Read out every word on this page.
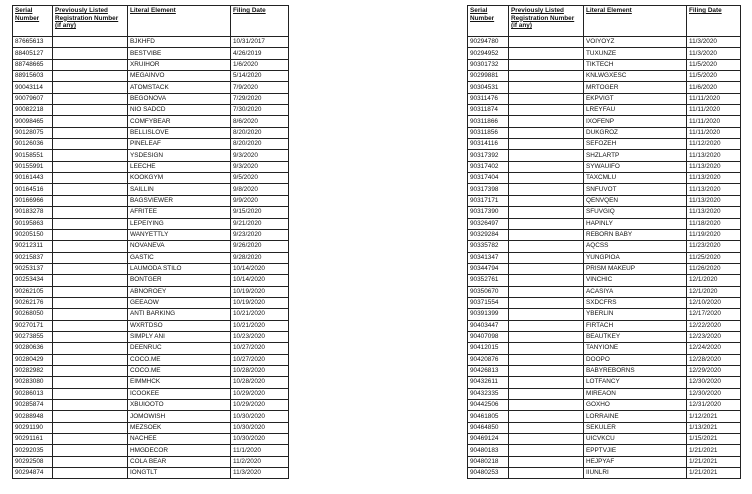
Serial Number	Previously Listed Registration Number (if any)	Literal Element	Filing Date
87665613		BJKHFD	10/31/2017
88405127		BESTVIBE	4/26/2019
88748665		XRUIHOR	1/6/2020
88915603		MEGAINVO	5/14/2020
90043114		ATOMSTACK	7/9/2020
90079607		BEGONOVA	7/29/2020
90082218		NIO SADCD	7/30/2020
90098465		COMFYBEAR	8/6/2020
90128075		BELLISLOVE	8/20/2020
90126036		PINELEAF	8/20/2020
90158551		YSDESIGN	9/3/2020
90155991		LEECHE	9/3/2020
90161443		KOOKGYM	9/5/2020
90164516		SAILLIN	9/8/2020
90166966		BAGSVIEWER	9/9/2020
90183278		AFRITEE	9/15/2020
90195863		LEPEIYING	9/21/2020
90205150		WANYETTLY	9/23/2020
90212311		NOVANEVA	9/26/2020
90215837		GASTIC	9/28/2020
90253137		LAUMODA STILO	10/14/2020
90253434		BONTGER	10/14/2020
90262105		ABNOROEY	10/19/2020
90262176		GEEAOW	10/19/2020
90268050		ANTI BARKING	10/21/2020
90270171		WXRTDSO	10/21/2020
90273855		SIMPLY ANI	10/23/2020
90280636		DEENRUC	10/27/2020
90280429		COCO.ME	10/27/2020
90282982		COCO.ME	10/28/2020
90283080		EIMMHCK	10/28/2020
90286013		ICOOKEE	10/29/2020
90285874		XBUIOOTO	10/29/2020
90288948		JOMOWISH	10/30/2020
90291190		MEZSOEK	10/30/2020
90291161		NACHEE	10/30/2020
90292035		HMGDECOR	11/1/2020
90292508		COLA BEAR	11/2/2020
90294874		IONGTLT	11/3/2020
Serial Number	Previously Listed Registration Number (if any)	Literal Element	Filing Date
90294780		VOIYOYZ	11/3/2020
90294952		TUXUNZE	11/3/2020
90301732		TIKTECH	11/5/2020
90299881		KNLWGXESC	11/5/2020
90304531		MRTOGER	11/6/2020
90311476		EKPVIGT	11/11/2020
90311874		LREYFAU	11/11/2020
90311866		IXOFENP	11/11/2020
90311856		DUKGROZ	11/11/2020
90314116		SEFOZEH	11/12/2020
90317392		SHZLARTP	11/13/2020
90317402		SYWAUIFO	11/13/2020
90317404		TAXCMLU	11/13/2020
90317398		SNFUVOT	11/13/2020
90317171		QENVQEN	11/13/2020
90317390		SFUVGIQ	11/13/2020
90326497		HAPINLY	11/18/2020
90329284		REBORN BABY	11/19/2020
90335782		AQCSS	11/23/2020
90341347		YUNGPIOA	11/25/2020
90344794		PRISM MAKEUP	11/26/2020
90352761		VINCHIC	12/1/2020
90350670		ACASIYA	12/1/2020
90371554		SXDCFRS	12/10/2020
90391399		YBERLIN	12/17/2020
90403447		FIRTACH	12/22/2020
90407098		BEAUTKEY	12/23/2020
90412015		TANYIONE	12/24/2020
90420876		DOOPO	12/28/2020
90426813		BABYREBORNS	12/29/2020
90432611		LOTFANCY	12/30/2020
90432335		MIREAON	12/30/2020
90442506		GOXHO	12/31/2020
90461805		LORRAINE	1/12/2021
90464850		SEKULER	1/13/2021
90469124		UICVKCU	1/15/2021
90480183		EPPTVJIE	1/21/2021
90480218		HEJPYAF	1/21/2021
90480253		IIUNLRI	1/21/2021
